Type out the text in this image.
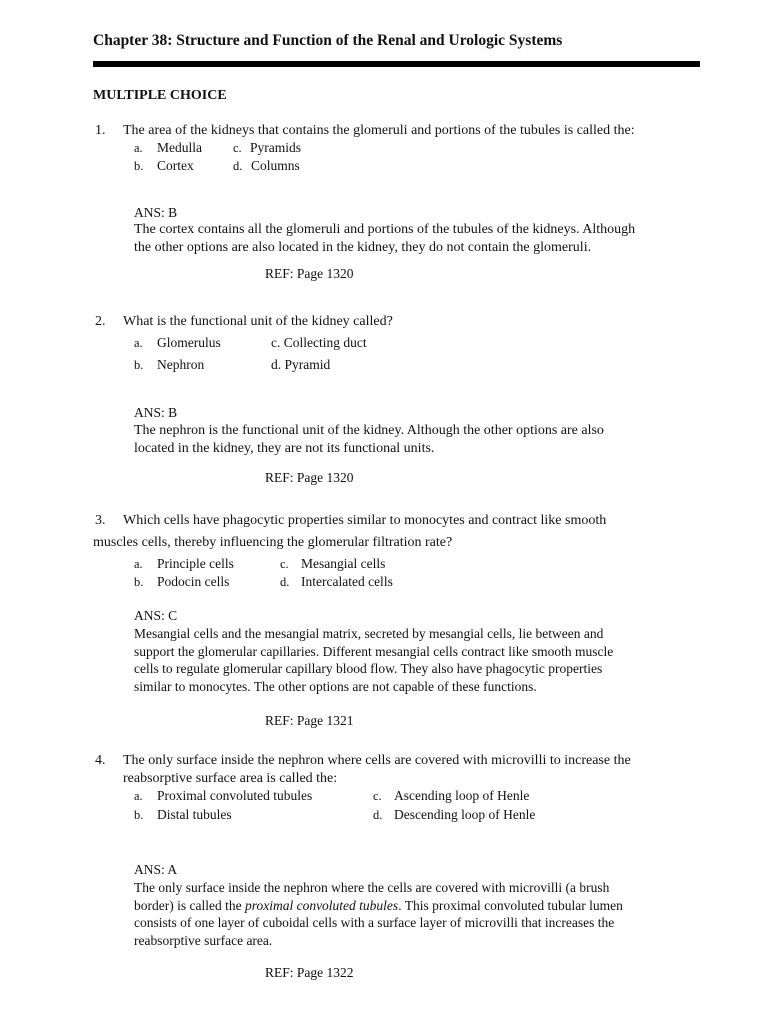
Chapter 38: Structure and Function of the Renal and Urologic Systems
MULTIPLE CHOICE
1. The area of the kidneys that contains the glomeruli and portions of the tubules is called the:
a. Medulla c. Pyramids
b. Cortex	d. Columns
ANS: B
The cortex contains all the glomeruli and portions of the tubules of the kidneys. Although
the other options are also located in the kidney, they do not contain the glomeruli.
REF: Page 1320
2. What is the functional unit of the kidney called?
a. Glomerulus	c. Collecting duct
b. Nephron	d. Pyramid
ANS: B
The nephron is the functional unit of the kidney. Although the other options are also
located in the kidney, they are not its functional units.
REF: Page 1320
3. Which cells have phagocytic properties similar to monocytes and contract like smooth
muscles cells, thereby influencing the glomerular filtration rate?
a. Principle cells	c. Mesangial cells
b. Podocin cells	d. Intercalated cells
ANS: C
Mesangial cells and the mesangial matrix, secreted by mesangial cells, lie between and
support the glomerular capillaries. Different mesangial cells contract like smooth muscle
cells to regulate glomerular capillary blood flow. They also have phagocytic properties
similar to monocytes. The other options are not capable of these functions.
REF: Page 1321
4. The only surface inside the nephron where cells are covered with microvilli to increase the
reabsorptive surface area is called the:
a. Proximal convoluted tubules	c. Ascending loop of Henle
b. Distal tubules	d. Descending loop of Henle
ANS: A
The only surface inside the nephron where the cells are covered with microvilli (a brush
border) is called the proximal convoluted tubules. This proximal convoluted tubular lumen
consists of one layer of cuboidal cells with a surface layer of microvilli that increases the
reabsorptive surface area.
REF: Page 1322
